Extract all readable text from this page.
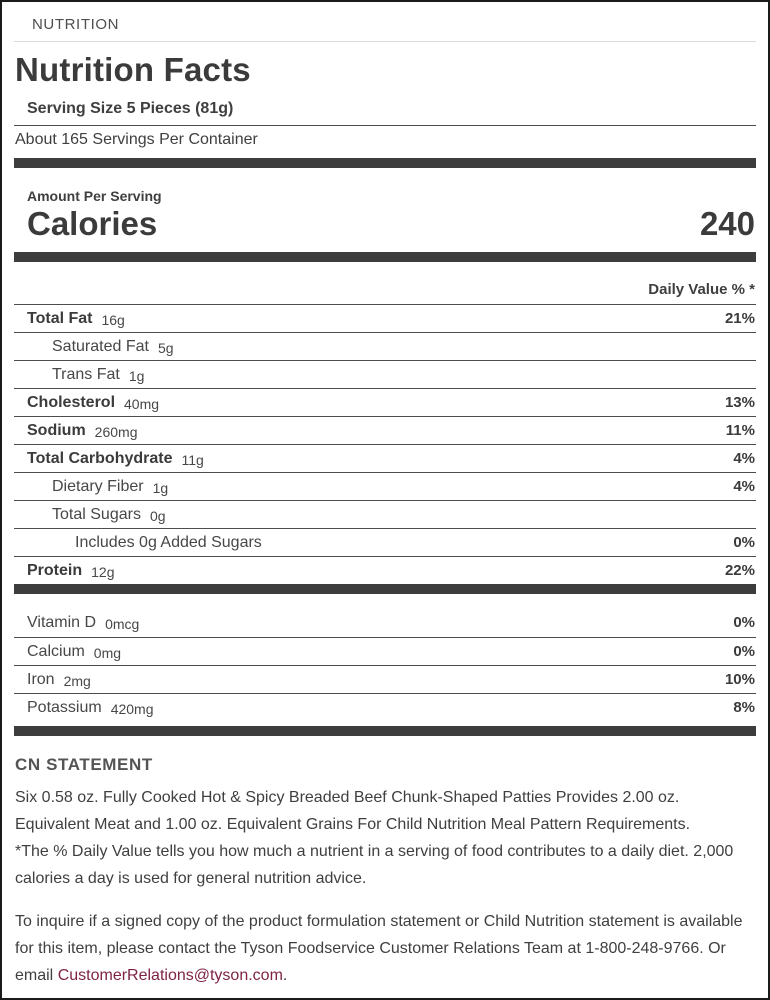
NUTRITION
Nutrition Facts
Serving Size 5 Pieces (81g)
About 165 Servings Per Container
Amount Per Serving
Calories	240
Daily Value % *
Total Fat 16g	21%
Saturated Fat 5g
Trans Fat 1g
Cholesterol 40mg	13%
Sodium 260mg	11%
Total Carbohydrate 11g	4%
Dietary Fiber 1g	4%
Total Sugars 0g
Includes 0g Added Sugars	0%
Protein 12g	22%
Vitamin D 0mcg	0%
Calcium 0mg	0%
Iron 2mg	10%
Potassium 420mg	8%
CN STATEMENT

Six 0.58 oz. Fully Cooked Hot & Spicy Breaded Beef Chunk-Shaped Patties Provides 2.00 oz. Equivalent Meat and 1.00 oz. Equivalent Grains For Child Nutrition Meal Pattern Requirements.

*The % Daily Value tells you how much a nutrient in a serving of food contributes to a daily diet. 2,000 calories a day is used for general nutrition advice.

To inquire if a signed copy of the product formulation statement or Child Nutrition statement is available for this item, please contact the Tyson Foodservice Customer Relations Team at 1-800-248-9766. Or email CustomerRelations@tyson.com.
